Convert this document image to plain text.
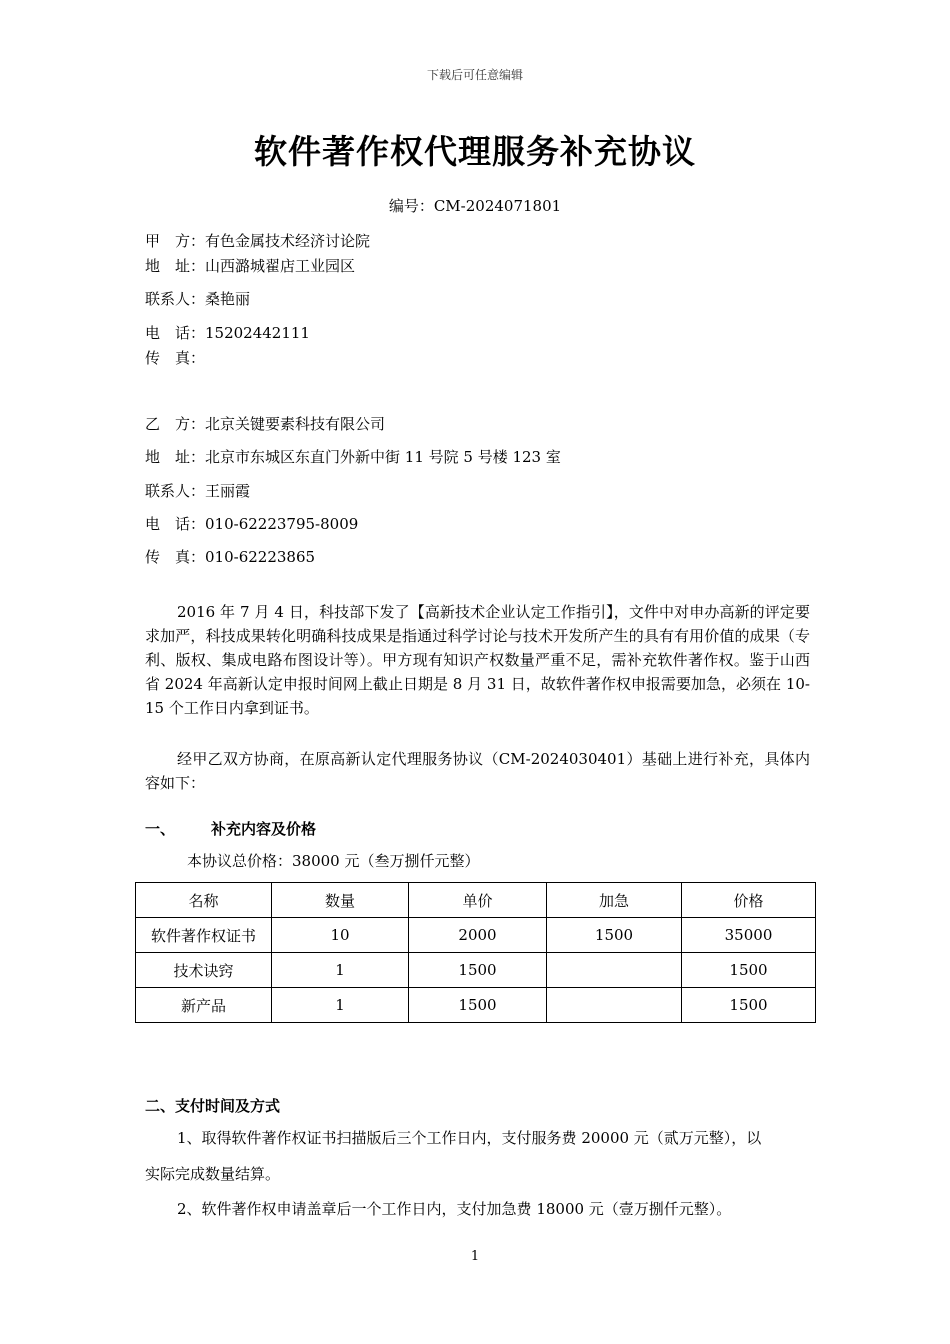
下载后可任意编辑
软件著作权代理服务补充协议
编号：CM-2024071801
甲　方：有色金属技术经济讨论院
地　址：山西潞城翟店工业园区
联系人：桑艳丽
电　话：15202442111
传　真：
乙　方：北京关键要素科技有限公司
地　址：北京市东城区东直门外新中街 11 号院 5 号楼 123 室
联系人：王丽霞
电　话：010-62223795-8009
传　真：010-62223865
2016 年 7 月 4 日，科技部下发了【高新技术企业认定工作指引】，文件中对申办高新的评定要求加严，科技成果转化明确科技成果是指通过科学讨论与技术开发所产生的具有有用价值的成果（专利、版权、集成电路布图设计等）。甲方现有知识产权数量严重不足，需补充软件著作权。鉴于山西省 2024 年高新认定申报时间网上截止日期是 8 月 31 日，故软件著作权申报需要加急，必须在 10-15 个工作日内拿到证书。
经甲乙双方协商，在原高新认定代理服务协议（CM-2024030401）基础上进行补充，具体内容如下：
一、 补充内容及价格
本协议总价格：38000 元（叁万捌仟元整）
名称	数量	单价	加急	价格
软件著作权证书	10	2000	1500	35000
技术诀窍	1	1500		1500
新产品	1	1500		1500
二、支付时间及方式
1、取得软件著作权证书扫描版后三个工作日内，支付服务费 20000 元（贰万元整），以
实际完成数量结算。
2、软件著作权申请盖章后一个工作日内，支付加急费 18000 元（壹万捌仟元整）。
1
